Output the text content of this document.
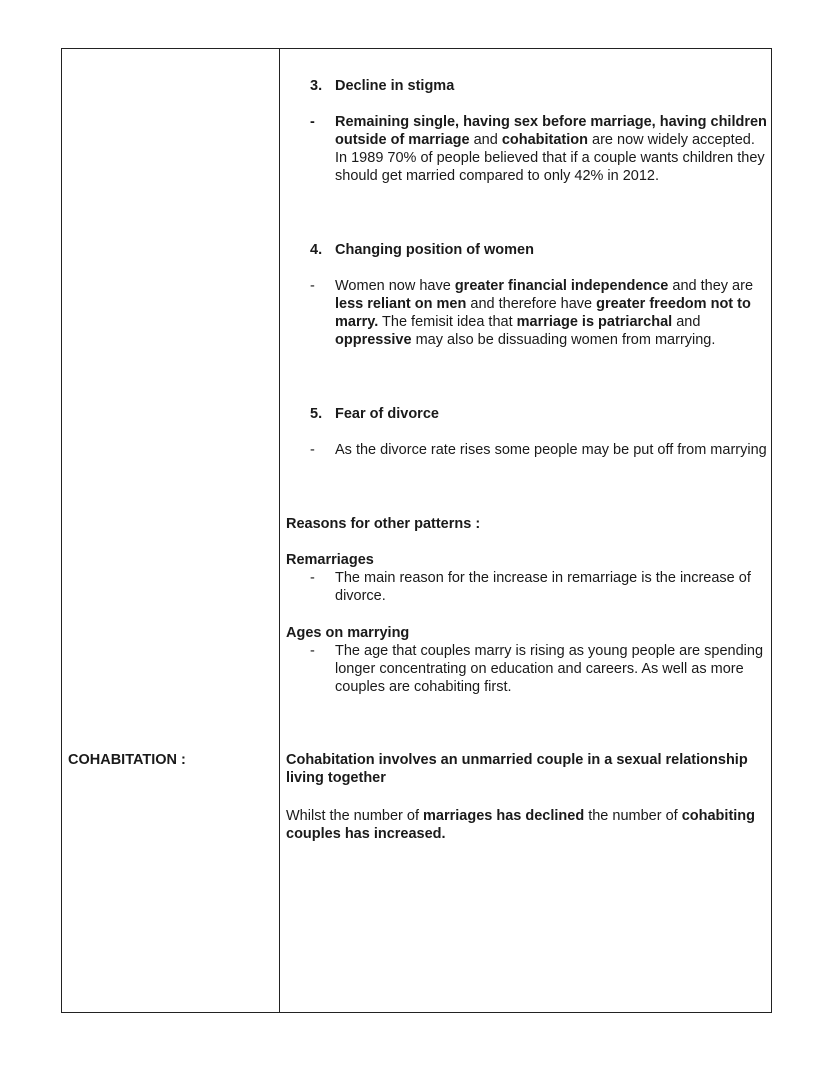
COHABITATION :
3. Decline in stigma
-	Remaining single, having sex before marriage, having children outside of marriage and cohabitation are now widely accepted. In 1989 70% of people believed that if a couple wants children they should get married compared to only 42% in 2012.
4. Changing position of women
-	Women now have greater financial independence and they are less reliant on men and therefore have greater freedom not to marry. The femisit idea that marriage is patriarchal and oppressive may also be dissuading women from marrying.
5. Fear of divorce
-	As the divorce rate rises some people may be put off from marrying
Reasons for other patterns :
Remarriages
-	The main reason for the increase in remarriage is the increase of divorce.
Ages on marrying
-	The age that couples marry is rising as young people are spending longer concentrating on education and careers. As well as more couples are cohabiting first.
Cohabitation involves an unmarried couple in a sexual relationship living together
Whilst the number of marriages has declined the number of cohabiting couples has increased.
